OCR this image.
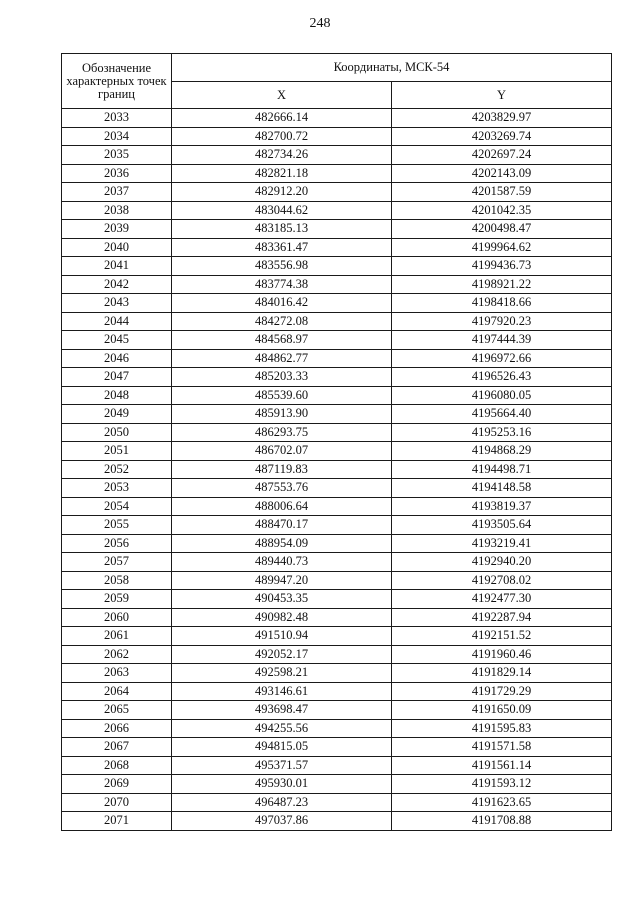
248
Обозначение характерных точек границ	Координаты, МСК-54	
	X	Y
2033	482666.14	4203829.97
2034	482700.72	4203269.74
2035	482734.26	4202697.24
2036	482821.18	4202143.09
2037	482912.20	4201587.59
2038	483044.62	4201042.35
2039	483185.13	4200498.47
2040	483361.47	4199964.62
2041	483556.98	4199436.73
2042	483774.38	4198921.22
2043	484016.42	4198418.66
2044	484272.08	4197920.23
2045	484568.97	4197444.39
2046	484862.77	4196972.66
2047	485203.33	4196526.43
2048	485539.60	4196080.05
2049	485913.90	4195664.40
2050	486293.75	4195253.16
2051	486702.07	4194868.29
2052	487119.83	4194498.71
2053	487553.76	4194148.58
2054	488006.64	4193819.37
2055	488470.17	4193505.64
2056	488954.09	4193219.41
2057	489440.73	4192940.20
2058	489947.20	4192708.02
2059	490453.35	4192477.30
2060	490982.48	4192287.94
2061	491510.94	4192151.52
2062	492052.17	4191960.46
2063	492598.21	4191829.14
2064	493146.61	4191729.29
2065	493698.47	4191650.09
2066	494255.56	4191595.83
2067	494815.05	4191571.58
2068	495371.57	4191561.14
2069	495930.01	4191593.12
2070	496487.23	4191623.65
2071	497037.86	4191708.88
